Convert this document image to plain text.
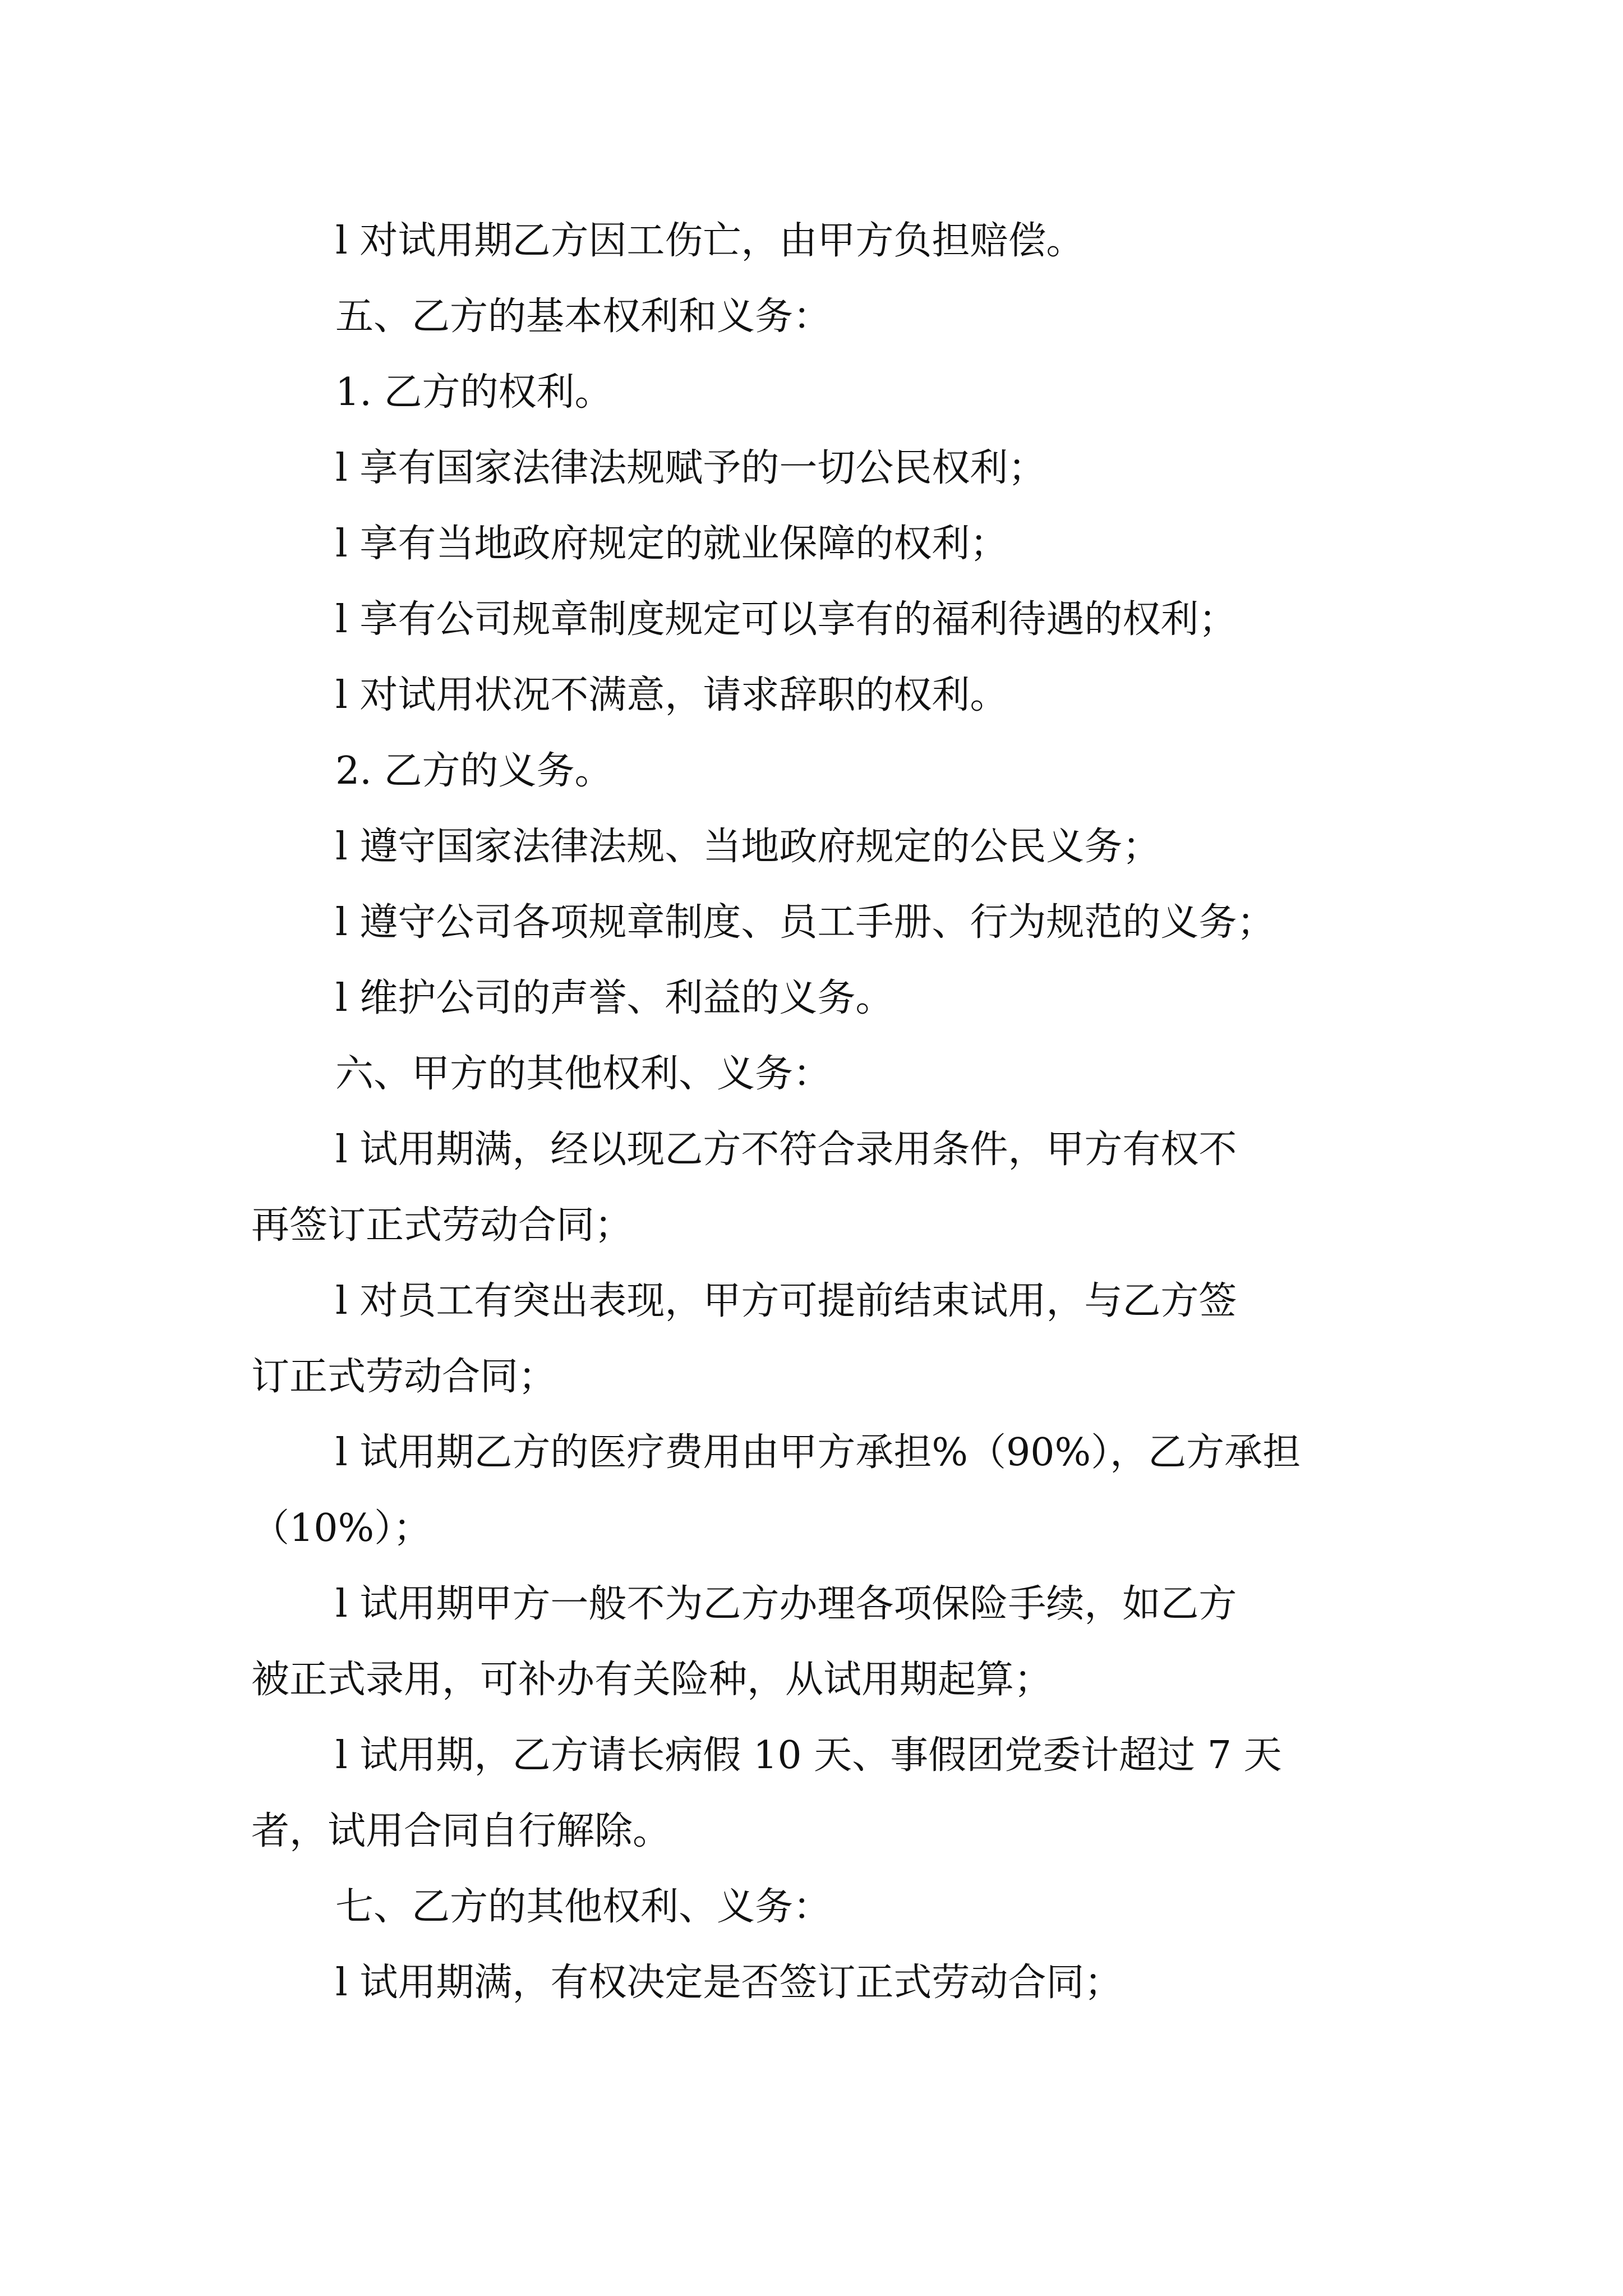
l 对试用期乙方因工伤亡，由甲方负担赔偿。

五、乙方的基本权利和义务：

1. 乙方的权利。

l 享有国家法律法规赋予的一切公民权利；

l 享有当地政府规定的就业保障的权利；

l 享有公司规章制度规定可以享有的福利待遇的权利；

l 对试用状况不满意，请求辞职的权利。

2. 乙方的义务。

l 遵守国家法律法规、当地政府规定的公民义务；

l 遵守公司各项规章制度、员工手册、行为规范的义务；

l 维护公司的声誉、利益的义务。

六、甲方的其他权利、义务：

l 试用期满，经以现乙方不符合录用条件，甲方有权不

再签订正式劳动合同；

l 对员工有突出表现，甲方可提前结束试用，与乙方签

订正式劳动合同；

l 试用期乙方的医疗费用由甲方承担%（90%），乙方承担

（10%）；

l 试用期甲方一般不为乙方办理各项保险手续，如乙方

被正式录用，可补办有关险种，从试用期起算；

l 试用期，乙方请长病假 10 天、事假团党委计超过 7 天

者，试用合同自行解除。

七、乙方的其他权利、义务：

l 试用期满，有权决定是否签订正式劳动合同；
